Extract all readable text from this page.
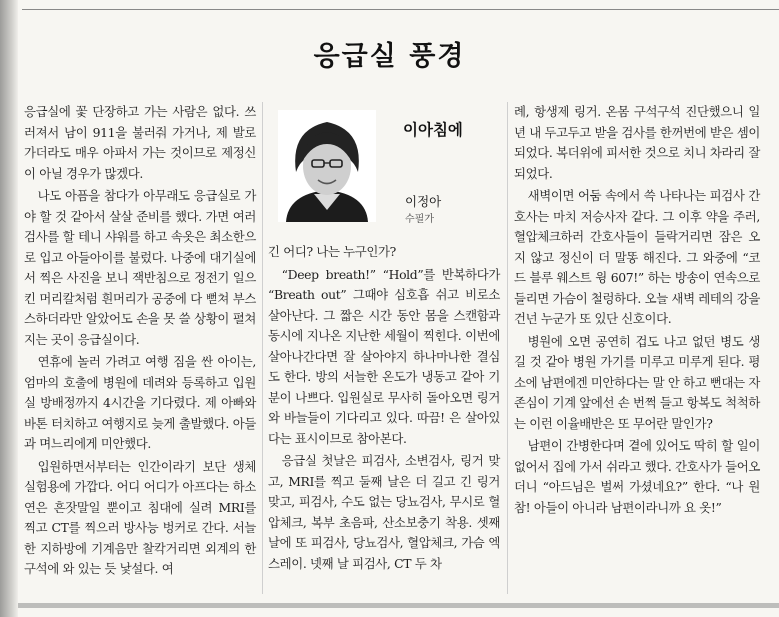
응급실 풍경

응급실에 꽃 단장하고 가는 사람은 없다. 쓰러져서 남이 911을 불러줘 가거나, 제 발로 가더라도 매우 아파서 가는 것이므로 제정신이 아닐 경우가 많겠다.

나도 아픔을 참다가 아무래도 응급실로 가야 할 것 같아서 살살 준비를 했다. 가면 여러 검사를 할 테니 샤워를 하고 속옷은 최소한으로 입고 아들아이를 불렀다. 나중에 대기실에서 찍은 사진을 보니 잭반침으로 정전기 일으킨 머리칼처럼 흰머리가 공중에 다 뻗쳐 부스스하더라만 알았어도 손을 못 쓸 상황이 펼쳐지는 곳이 응급실이다.

연휴에 놀러 가려고 여행 짐을 싼 아이는, 엄마의 호출에 병원에 데려와 등록하고 입원실 방배정까지 4시간을 기다렸다. 제 아빠와 바톤 터치하고 여행지로 늦게 출발했다. 아들과 며느리에게 미안했다.

입원하면서부터는 인간이라기 보단 생체실험용에 가깝다. 어디 어디가 아프다는 하소연은 흔잣말일 뿐이고 침대에 실려 MRI를 찍고 CT를 찍으러 방사능 벙커로 간다. 서늘한 지하방에 기계음만 찰칵거리면 외계의 한구석에 와 있는 듯 낯설다. 여

이아침에
이정아
수필가

긴 어디? 나는 누구인가?

“Deep breath!” “Hold”를 반복하다가 “Breath out” 그때야 심호흡 쉬고 비로소 살아난다. 그 짧은 시간 동안 몸을 스캔함과 동시에 지나온 지난한 세월이 찍힌다. 이번에 살아나간다면 잘 살아야지 하나마나한 결심도 한다. 방의 서늘한 온도가 냉동고 같아 기분이 나쁘다. 입원실로 무사히 돌아오면 링거와 바늘들이 기다리고 있다. 따끔! 은 살아있다는 표시이므로 참아본다.

응급실 첫날은 피검사, 소변검사, 링거 맞고, MRI를 찍고 둘째 날은 더 길고 긴 링거 맞고, 피검사, 수도 없는 당뇨검사, 무시로 혈압체크, 복부 초음파, 산소보충기 착용. 셋째 날에 또 피검사, 당뇨검사, 혈압체크, 가슴 엑스레이. 넷째 날 피검사, CT 두 차

례, 항생제 링거. 온몸 구석구석 진단했으니 일 년 내 두고두고 받을 검사를 한꺼번에 받은 셈이 되었다. 복더위에 피서한 것으로 치니 차라리 잘 되었다.

새벽이면 어둠 속에서 쓱 나타나는 피검사 간호사는 마치 저승사자 같다. 그 이후 약을 주러, 혈압체크하러 간호사들이 들락거리면 잠은 오지 않고 정신이 더 말똥 해진다. 그 와중에 “코드 블루 웨스트 윙 607!” 하는 방송이 연속으로 들리면 가슴이 철렁하다. 오늘 새벽 레테의 강을 건넌 누군가 또 있단 신호이다.

병원에 오면 공연히 겁도 나고 없던 병도 생길 것 같아 병원 가기를 미루고 미루게 된다. 평소에 남편에겐 미안하다는 말 안 하고 뻔대는 자존심이 기계 앞에선 손 번쩍 들고 항복도 척척하는 이런 이율배반은 또 무어란 말인가?

남편이 간병한다며 곁에 있어도 딱히 할 일이 없어서 집에 가서 쉬라고 했다. 간호사가 들어오더니 “아드님은 벌써 가셨네요?” 한다. “나 원 참! 아들이 아니라 남편이라니까 요 옷!”
